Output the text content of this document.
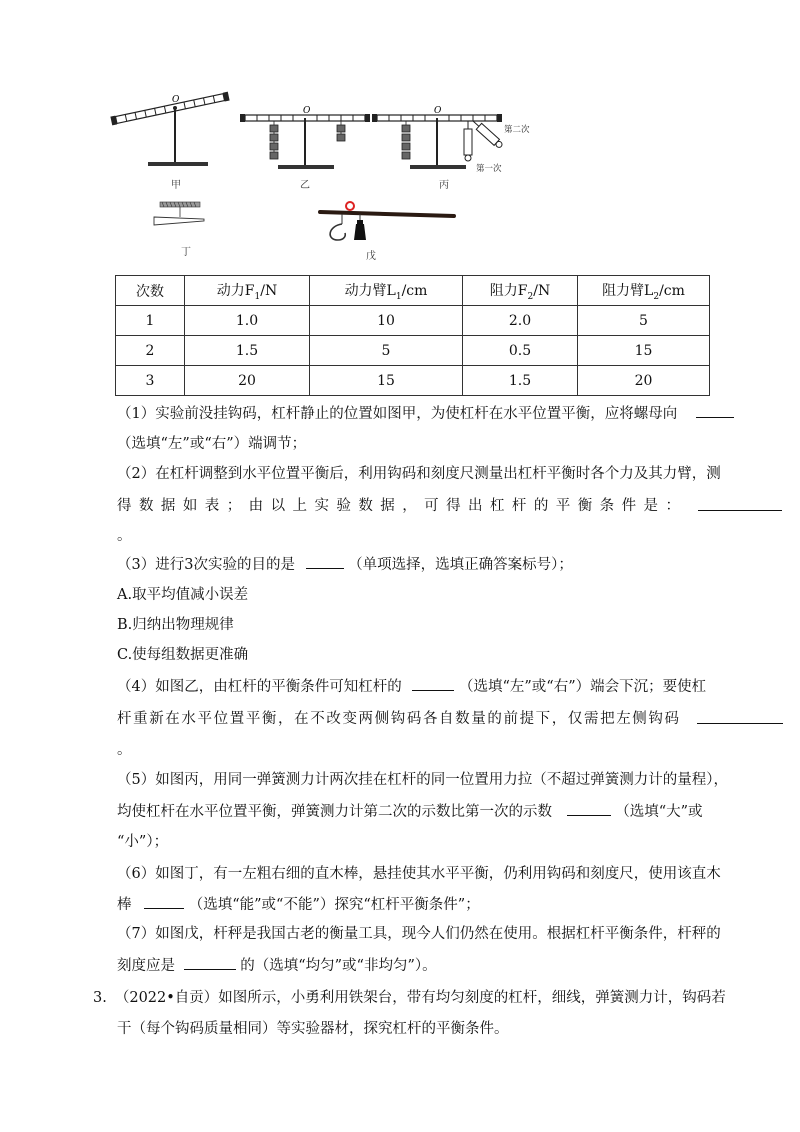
O
甲
O
乙
O
第二次
第一次
丙
丁	戊
次数	动力$F_1/N$	动力臂$L_1/cm$	阻力$F_2/N$	阻力臂$L_2/cm$
1	1.0	10	2.0	5
2	1.5	5	0.5	15
3	20	15	1.5	20
（1）实验前没挂钩码，杠杆静止的位置如图甲，为使杠杆在水平位置平衡，应将螺母向
（选填“左”或“右”）端调节；
（2）在杠杆调整到水平位置平衡后，利用钩码和刻度尺测量出杠杆平衡时各个力及其力臂，测
得数据如表；由以上实验数据，可得出杠杆的平衡条件是：
。
（3）进行3次实验的目的是	（单项选择，选填正确答案标号）；
A.取平均值减小误差
B.归纳出物理规律
C.使每组数据更准确
（4）如图乙，由杠杆的平衡条件可知杠杆的	（选填“左”或“右”）端会下沉；要使杠
杆重新在水平位置平衡，在不改变两侧钩码各自数量的前提下，仅需把左侧钩码
。
（5）如图丙，用同一弹簧测力计两次挂在杠杆的同一位置用力拉（不超过弹簧测力计的量程），
均使杠杆在水平位置平衡，弹簧测力计第二次的示数比第一次的示数	（选填“大”或
“小”）；
（6）如图丁，有一左粗右细的直木棒，悬挂使其水平平衡，仍利用钩码和刻度尺，使用该直木
棒	（选填“能”或“不能”）探究“杠杆平衡条件”；
（7）如图戊，杆秤是我国古老的衡量工具，现今人们仍然在使用。根据杠杆平衡条件，杆秤的
刻度应是	的（选填“均匀”或“非均匀”）。
3. （2022•自贡）如图所示，小勇利用铁架台，带有均匀刻度的杠杆，细线，弹簧测力计，钩码若
干（每个钩码质量相同）等实验器材，探究杠杆的平衡条件。
